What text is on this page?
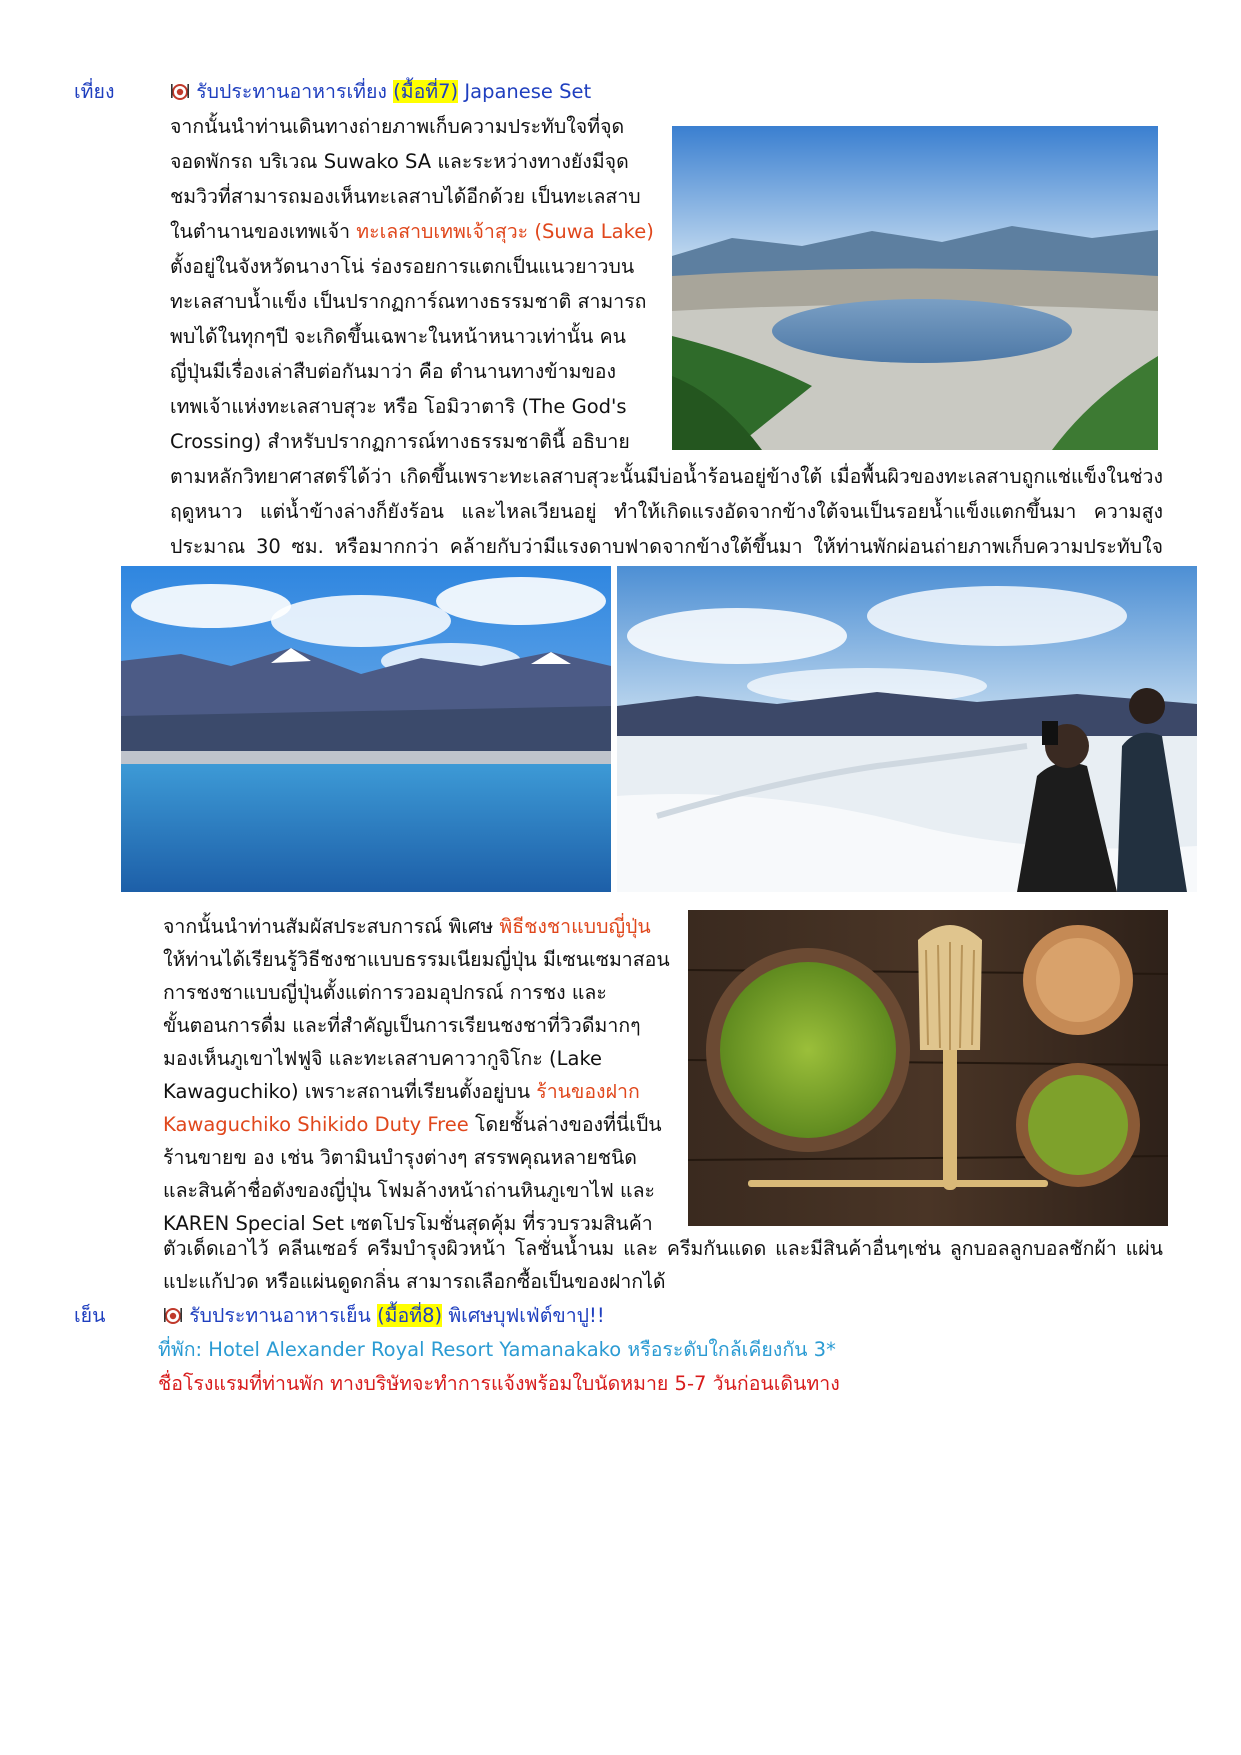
เที่ยง	รับประทานอาหารเที่ยง (มื้อที่7) Japanese Set
จากนั้นนำท่านเดินทางถ่ายภาพเก็บความประทับใจที่จุด
จอดพักรถ บริเวณ Suwako SA และระหว่างทางยังมีจุด
ชมวิวที่สามารถมองเห็นทะเลสาบได้อีกด้วย เป็นทะเลสาบ
ในตำนานของเทพเจ้า ทะเลสาบเทพเจ้าสุวะ (Suwa Lake)
ตั้งอยู่ในจังหวัดนางาโน่ ร่องรอยการแตกเป็นแนวยาวบน
ทะเลสาบน้ำแข็ง เป็นปรากฏการ์ณทางธรรมชาติ สามารถ
พบได้ในทุกๆปี จะเกิดขึ้นเฉพาะในหน้าหนาวเท่านั้น คน
ญี่ปุ่นมีเรื่องเล่าสืบต่อกันมาว่า คือ ตำนานทางข้ามของ
เทพเจ้าแห่งทะเลสาบสุวะ หรือ โอมิวาตาริ (The God's
Crossing) สำหรับปรากฏการณ์ทางธรรมชาตินี้ อธิบาย
ตามหลักวิทยาศาสตร์ได้ว่า เกิดขึ้นเพราะทะเลสาบสุวะนั้นมีบ่อน้ำร้อนอยู่ข้างใต้ เมื่อพื้นผิวของทะเลสาบถูกแช่แข็งในช่วง
ฤดูหนาว แต่น้ำข้างล่างก็ยังร้อน และไหลเวียนอยู่ ทำให้เกิดแรงอัดจากข้างใต้จนเป็นรอยน้ำแข็งแตกขึ้นมา ความสูง
ประมาณ 30 ซม. หรือมากกว่า คล้ายกับว่ามีแรงดาบฟาดจากข้างใต้ขึ้นมา ให้ท่านพักผ่อนถ่ายภาพเก็บความประทับใจ
จากนั้นนำท่านสัมผัสประสบการณ์ พิเศษ พิธีชงชาแบบญี่ปุ่น
ให้ท่านได้เรียนรู้วิธีชงชาแบบธรรมเนียมญี่ปุ่น มีเซนเซมาสอน
การชงชาแบบญี่ปุ่นตั้งแต่การวอมอุปกรณ์ การชง และ
ขั้นตอนการดื่ม และที่สำคัญเป็นการเรียนชงชาที่วิวดีมากๆ
มองเห็นภูเขาไฟฟูจิ และทะเลสาบคาวากูจิโกะ (Lake
Kawaguchiko) เพราะสถานที่เรียนตั้งอยู่บน ร้านของฝาก
Kawaguchiko Shikido Duty Free โดยชั้นล่างของที่นี่เป็น
ร้านขายข อง เช่น วิตามินบำรุงต่างๆ สรรพคุณหลายชนิด
และสินค้าชื่อดังของญี่ปุ่น โฟมล้างหน้าถ่านหินภูเขาไฟ และ
KAREN Special Set เซตโปรโมชั่นสุดคุ้ม ที่รวบรวมสินค้า
ตัวเด็ดเอาไว้ คลีนเซอร์ ครีมบำรุงผิวหน้า โลชั่นน้ำนม และ ครีมกันแดด และมีสินค้าอื่นๆเช่น ลูกบอลลูกบอลชักผ้า แผ่น
แปะแก้ปวด หรือแผ่นดูดกลิ่น สามารถเลือกซื้อเป็นของฝากได้
เย็น	รับประทานอาหารเย็น (มื้อที่8) พิเศษบุฟเฟ่ต์ขาปู!!
ที่พัก: Hotel Alexander Royal Resort Yamanakako หรือระดับใกล้เคียงกัน 3*
ชื่อโรงแรมที่ท่านพัก ทางบริษัทจะทำการแจ้งพร้อมใบนัดหมาย 5-7 วันก่อนเดินทาง
